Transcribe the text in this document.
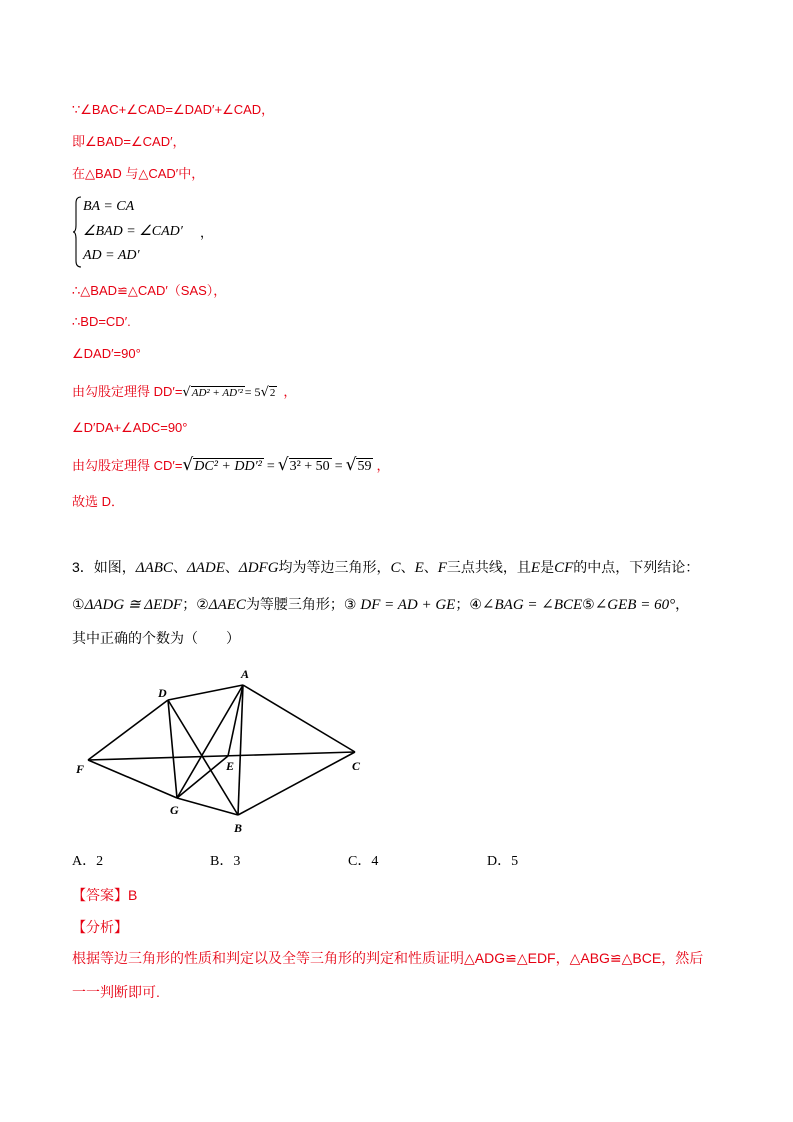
∵∠BAC+∠CAD=∠DAD′+∠CAD，
即∠BAD=∠CAD′，
在△BAD 与△CAD′中，
BA = CA
∠BAD = ∠CAD′
AD = AD′
，
∴△BAD≌△CAD′（SAS），
∴BD=CD′.
∠DAD′=90°
由勾股定理得 DD′=√AD² + AD′² = 5√2 ，
∠D′DA+∠ADC=90°
由勾股定理得 CD′=√DC² + DD′² = √3² + 50 = √59 ，
故选 D．
3．如图，ΔABC、ΔADE、ΔDFG均为等边三角形，C、E、F三点共线，且E是CF的中点，下列结论：
①ΔADG ≅ ΔEDF；②ΔAEC为等腰三角形；③ DF = AD + GE；④∠BAG = ∠BCE⑤∠GEB = 60°，
其中正确的个数为（　　）
A
D
F	E	C
G
B
A．2	B．3	C．4	D．5
【答案】B
【分析】
根据等边三角形的性质和判定以及全等三角形的判定和性质证明△ADG≌△EDF，△ABG≌△BCE，然后
一一判断即可.
